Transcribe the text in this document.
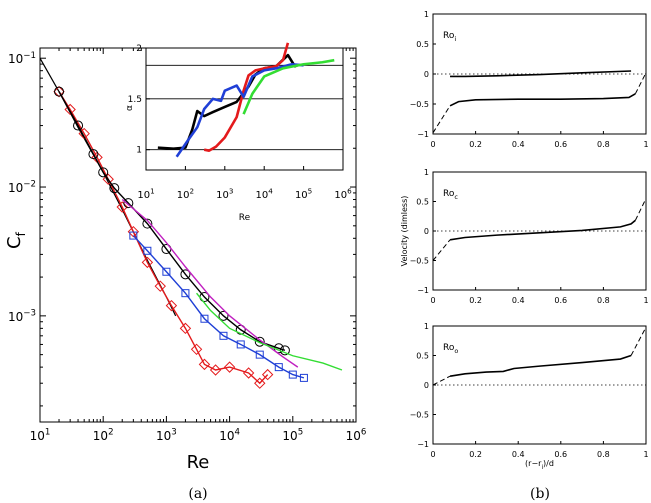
$10^1$	$10^2$	$10^3$	$10^4$	$10^5$	$10^6$
$10^{-1}$
$10^{-2}$
$10^{-3}$
Re
$C_f$
(a)
$10^1$ $10^2$ $10^3$ $10^4$ $10^5$ $10^6$
1
1.5
2
Re
α
0	0.2	0.4	0.6	0.8	1
−1
−0.5
0
0.5
1
$Ro_i$
0	0.2	0.4	0.6	0.8	1
−1
−0.5
0
0.5
1
$Ro_c$
Velocity (dimless)
0	0.2	0.4	0.6	0.8	1
−1
−0.5
0
0.5
1
$Ro_o$
$(r-r_i)/d$
(b)
